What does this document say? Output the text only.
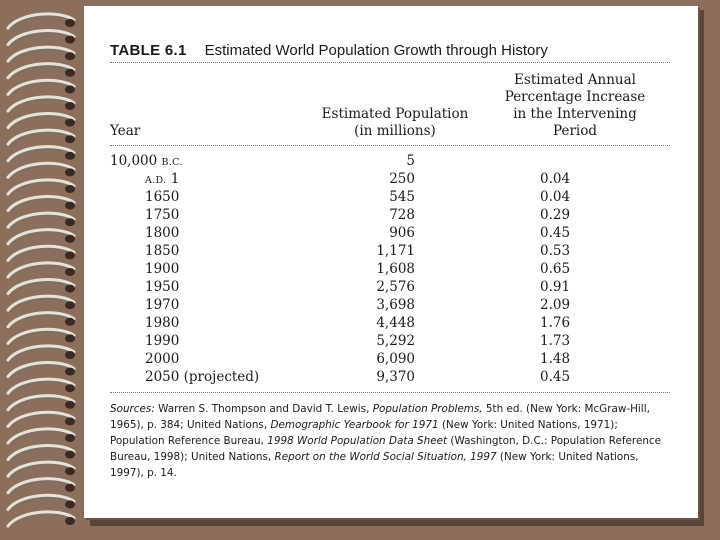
TABLE 6.1 Estimated World Population Growth through History
Year
Estimated Population
(in millions)
Estimated Annual
Percentage Increase
in the Intervening
Period
10,000 B.C.	5
A.D. 1	250	0.04
1650	545	0.04
1750	728	0.29
1800	906	0.45
1850	1,171	0.53
1900	1,608	0.65
1950	2,576	0.91
1970	3,698	2.09
1980	4,448	1.76
1990	5,292	1.73
2000	6,090	1.48
2050 (projected)	9,370	0.45
Sources: Warren S. Thompson and David T. Lewis, Population Problems, 5th ed. (New York: McGraw-Hill, 1965), p. 384; United Nations, Demographic Yearbook for 1971 (New York: United Nations, 1971); Population Reference Bureau, 1998 World Population Data Sheet (Washington, D.C.: Population Reference Bureau, 1998); United Nations, Report on the World Social Situation, 1997 (New York: United Nations, 1997), p. 14.
